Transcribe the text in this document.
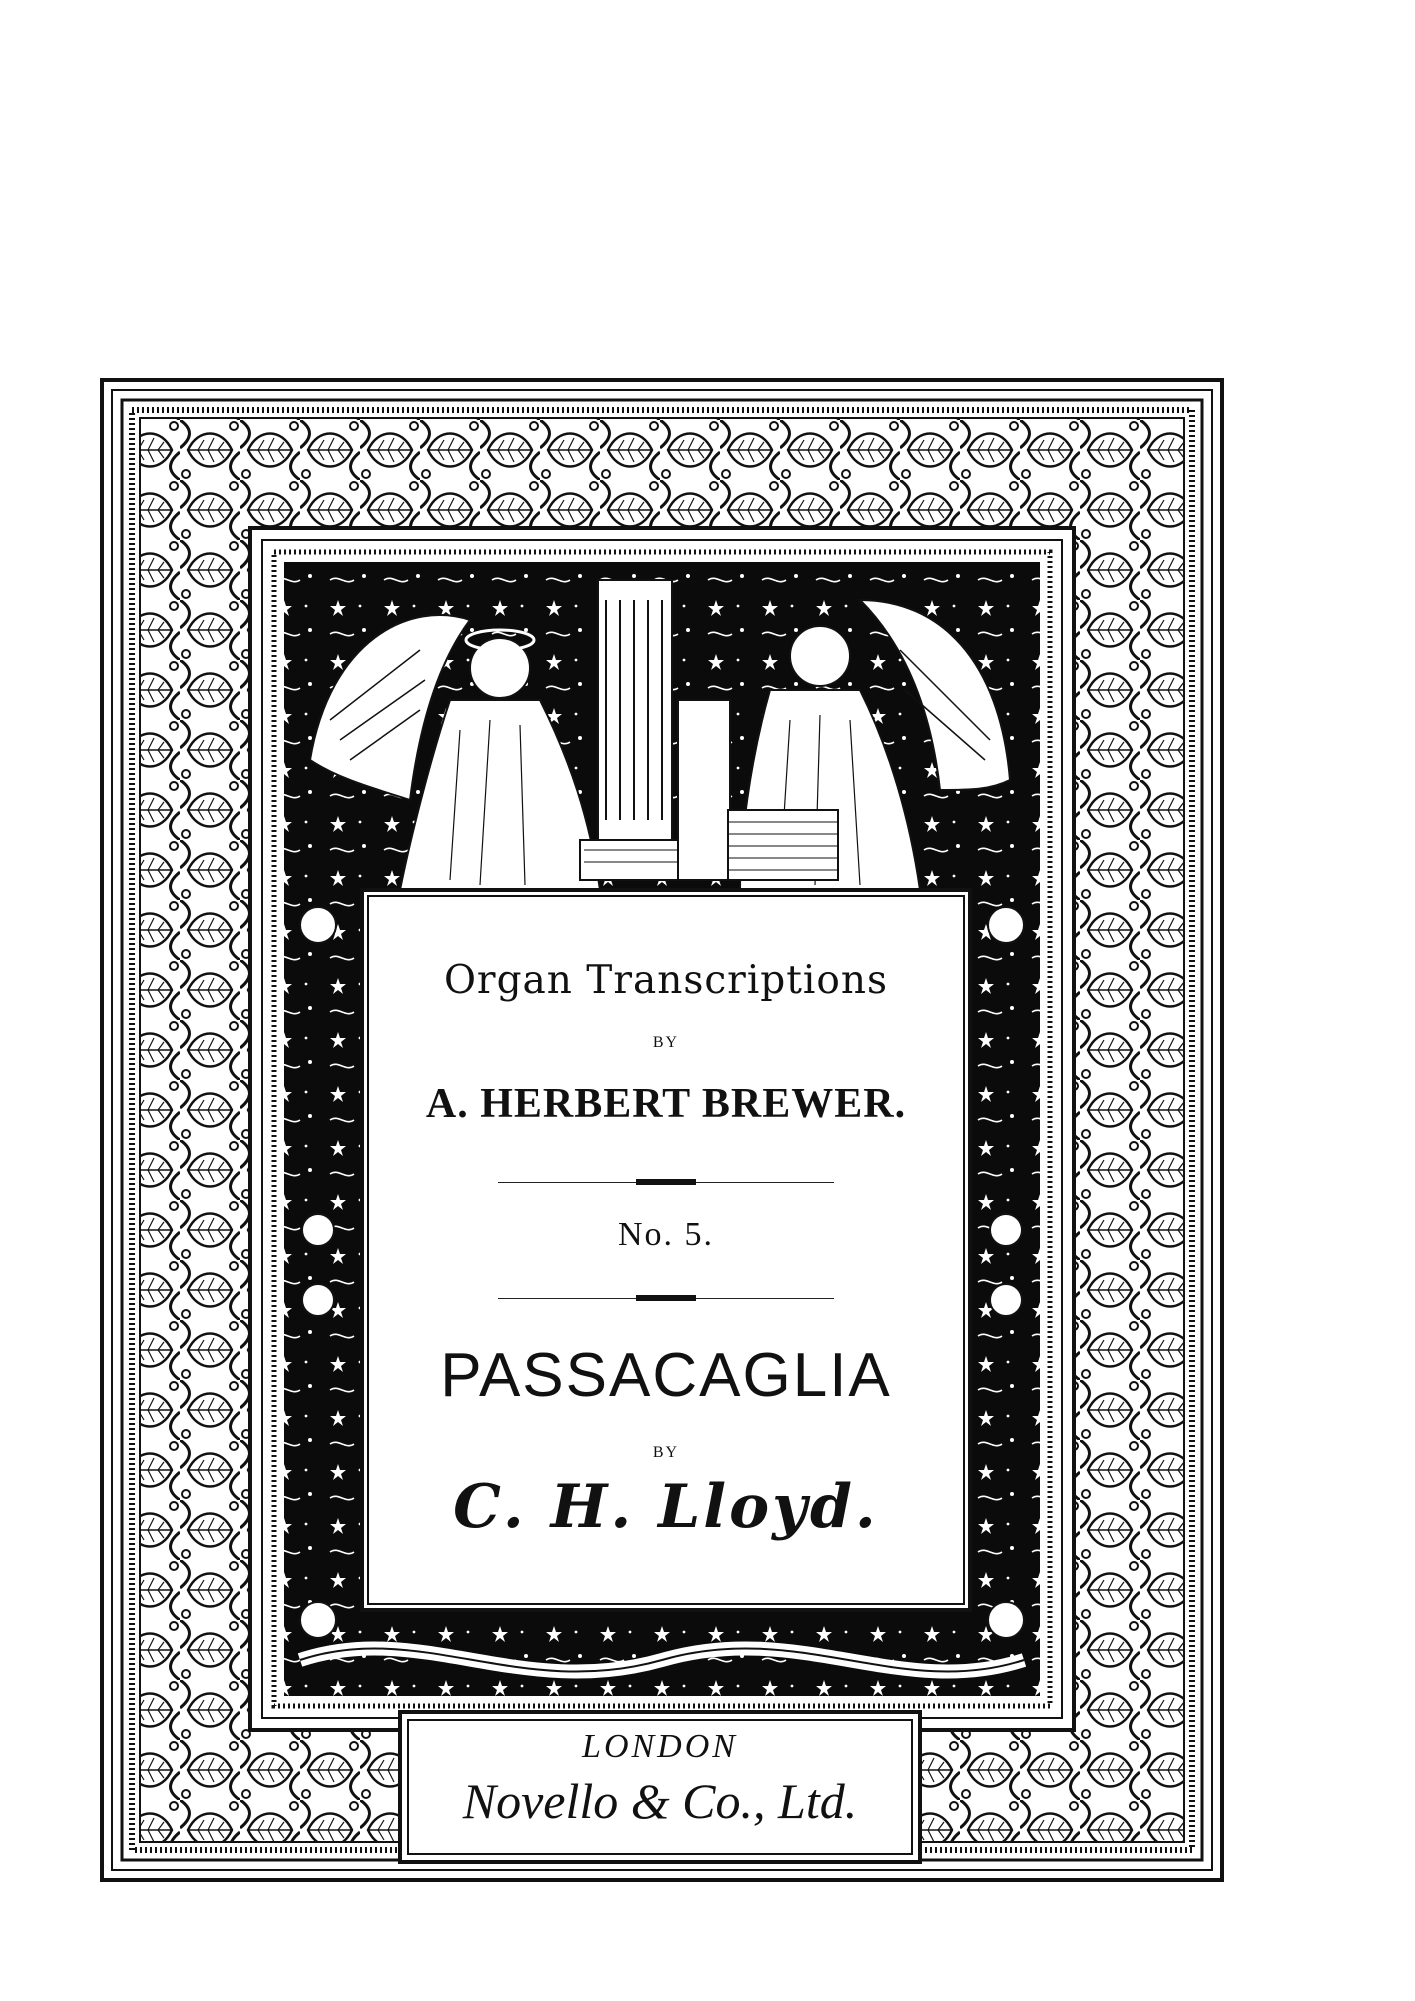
Organ Transcriptions
BY
A. HERBERT BREWER.
No. 5.
PASSACAGLIA
BY
C. H. Lloyd.
LONDON
Novello & Co., Ltd.
